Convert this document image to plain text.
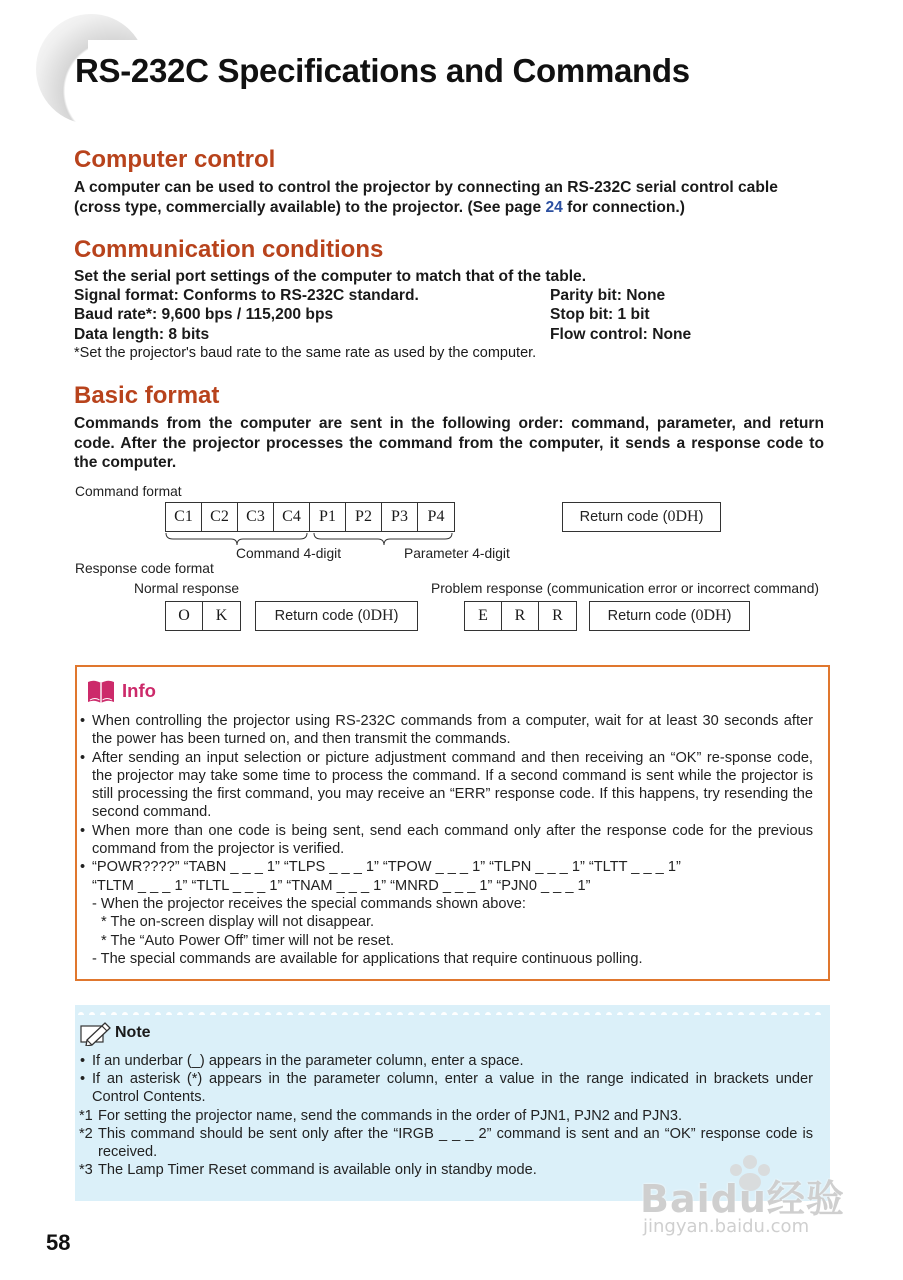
RS-232C Specifications and Commands
Computer control

A computer can be used to control the projector by connecting an RS-232C serial control cable (cross type, commercially available) to the projector. (See page 24 for connection.)

Communication conditions
Set the serial port settings of the computer to match that of the table.
Signal format: Conforms to RS-232C standard.	Parity bit: None
Baud rate*: 9,600 bps / 115,200 bps	Stop bit: 1 bit
Data length: 8 bits	Flow control: None
*Set the projector's baud rate to the same rate as used by the computer.
Basic format

Commands from the computer are sent in the following order: command, parameter, and return code. After the projector processes the command from the computer, it sends a response code to the computer.

Command format
C1	C2	C3	C4	P1	P2	P3	P4	Return code (0DH)
Command 4-digit	Parameter 4-digit
Response code format
Normal response	Problem response (communication error or incorrect command)
O	K	Return code (0DH)	E	R	R	Return code (0DH)
Info
• When controlling the projector using RS-232C commands from a computer, wait for at least 30 seconds after the power has been turned on, and then transmit the commands.
• After sending an input selection or picture adjustment command and then receiving an “OK” re-sponse code, the projector may take some time to process the command. If a second command is sent while the projector is still processing the first command, you may receive an “ERR” response code. If this happens, try resending the second command.
• When more than one code is being sent, send each command only after the response code for the previous command from the projector is verified.
• “POWR????” “TABN _ _ _ 1” “TLPS _ _ _ 1” “TPOW _ _ _ 1” “TLPN _ _ _ 1” “TLTT _ _ _ 1”
“TLTM _ _ _ 1” “TLTL _ _ _ 1” “TNAM _ _ _ 1” “MNRD _ _ _ 1” “PJN0 _ _ _ 1”
- When the projector receives the special commands shown above:
* The on-screen display will not disappear.
* The “Auto Power Off” timer will not be reset.
- The special commands are available for applications that require continuous polling.
Note
• If an underbar (_) appears in the parameter column, enter a space.
• If an asterisk (*) appears in the parameter column, enter a value in the range indicated in brackets under Control Contents.
*1 For setting the projector name, send the commands in the order of PJN1, PJN2 and PJN3.
*2 This command should be sent only after the “IRGB _ _ _ 2” command is sent and an “OK” response code is received.
*3 The Lamp Timer Reset command is available only in standby mode.
Baidu经验
jingyan.baidu.com
58
